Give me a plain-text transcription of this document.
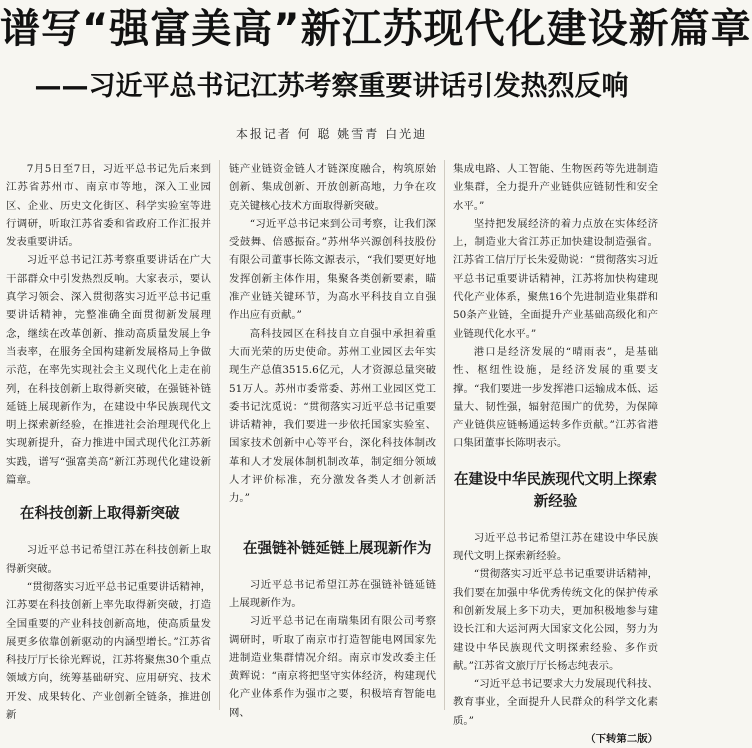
谱写“强富美高”新江苏现代化建设新篇章
——习近平总书记江苏考察重要讲话引发热烈反响
本报记者 何 聪 姚雪青 白光迪

7月5日至7日，习近平总书记先后来到江苏省苏州市、南京市等地，深入工业园区、企业、历史文化街区、科学实验室等进行调研，听取江苏省委和省政府工作汇报并发表重要讲话。

习近平总书记江苏考察重要讲话在广大干部群众中引发热烈反响。大家表示，要认真学习领会、深入贯彻落实习近平总书记重要讲话精神，完整准确全面贯彻新发展理念，继续在改革创新、推动高质量发展上争当表率，在服务全国构建新发展格局上争做示范，在率先实现社会主义现代化上走在前列，在科技创新上取得新突破，在强链补链延链上展现新作为，在建设中华民族现代文明上探索新经验，在推进社会治理现代化上实现新提升，奋力推进中国式现代化江苏新实践，谱写“强富美高”新江苏现代化建设新篇章。

在科技创新上取得新突破

习近平总书记希望江苏在科技创新上取得新突破。

“贯彻落实习近平总书记重要讲话精神，江苏要在科技创新上率先取得新突破，打造全国重要的产业科技创新高地，使高质量发展更多依靠创新驱动的内涵型增长。”江苏省科技厅厅长徐光辉说，江苏将聚焦30个重点领域方向，统筹基础研究、应用研究、技术开发、成果转化、产业创新全链条，推进创新

链产业链资金链人才链深度融合，构筑原始创新、集成创新、开放创新高地，力争在攻克关键核心技术方面取得新突破。

“习近平总书记来到公司考察，让我们深受鼓舞、倍感振奋。”苏州华兴源创科技股份有限公司董事长陈文源表示，“我们要更好地发挥创新主体作用，集聚各类创新要素，瞄准产业链关键环节，为高水平科技自立自强作出应有贡献。”

高科技园区在科技自立自强中承担着重大而光荣的历史使命。苏州工业园区去年实现生产总值3515.6亿元，人才资源总量突破51万人。苏州市委常委、苏州工业园区党工委书记沈觅说：“贯彻落实习近平总书记重要讲话精神，我们要进一步依托国家实验室、国家技术创新中心等平台，深化科技体制改革和人才发展体制机制改革，制定细分领域人才评价标准，充分激发各类人才创新活力。”

在强链补链延链上展现新作为

习近平总书记希望江苏在强链补链延链上展现新作为。

习近平总书记在南瑞集团有限公司考察调研时，听取了南京市打造智能电网国家先进制造业集群情况介绍。南京市发改委主任黄辉说：“南京将把坚守实体经济，构建现代化产业体系作为强市之要，积极培育智能电网、

集成电路、人工智能、生物医药等先进制造业集群，全力提升产业链供应链韧性和安全水平。”

坚持把发展经济的着力点放在实体经济上，制造业大省江苏正加快建设制造强省。江苏省工信厅厅长朱爱勋说：“贯彻落实习近平总书记重要讲话精神，江苏将加快构建现代化产业体系，聚焦16个先进制造业集群和50条产业链，全面提升产业基础高级化和产业链现代化水平。”

港口是经济发展的“晴雨表”，是基础性、枢纽性设施，是经济发展的重要支撑。“我们要进一步发挥港口运输成本低、运量大、韧性强，辐射范围广的优势，为保障产业链供应链畅通运转多作贡献。”江苏省港口集团董事长陈明表示。

在建设中华民族现代文明上探索新经验

习近平总书记希望江苏在建设中华民族现代文明上探索新经验。

“贯彻落实习近平总书记重要讲话精神，我们要在加强中华优秀传统文化的保护传承和创新发展上多下功夫，更加积极地参与建设长江和大运河两大国家文化公园，努力为建设中华民族现代文明探索经验、多作贡献。”江苏省文旅厅厅长杨志纯表示。

“习近平总书记要求大力发展现代科技、教育事业，全面提升人民群众的科学文化素质。”

（下转第二版）
